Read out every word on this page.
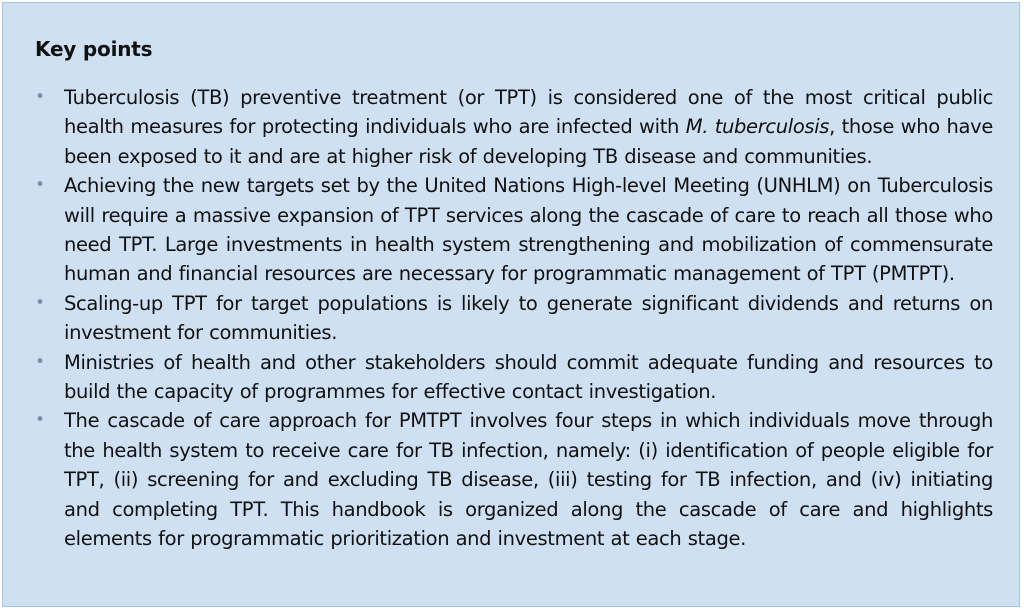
Key points
• Tuberculosis (TB) preventive treatment (or TPT) is considered one of the most critical public health measures for protecting individuals who are infected with M. tuberculosis, those who have been exposed to it and are at higher risk of developing TB disease and communities.
• Achieving the new targets set by the United Nations High-level Meeting (UNHLM) on Tuberculosis will require a massive expansion of TPT services along the cascade of care to reach all those who need TPT. Large investments in health system strengthening and mobilization of commensurate human and financial resources are necessary for programmatic management of TPT (PMTPT).
• Scaling-up TPT for target populations is likely to generate significant dividends and returns on investment for communities.
• Ministries of health and other stakeholders should commit adequate funding and resources to build the capacity of programmes for effective contact investigation.
• The cascade of care approach for PMTPT involves four steps in which individuals move through the health system to receive care for TB infection, namely: (i) identification of people eligible for TPT, (ii) screening for and excluding TB disease, (iii) testing for TB infection, and (iv) initiating and completing TPT. This handbook is organized along the cascade of care and highlights elements for programmatic prioritization and investment at each stage.
